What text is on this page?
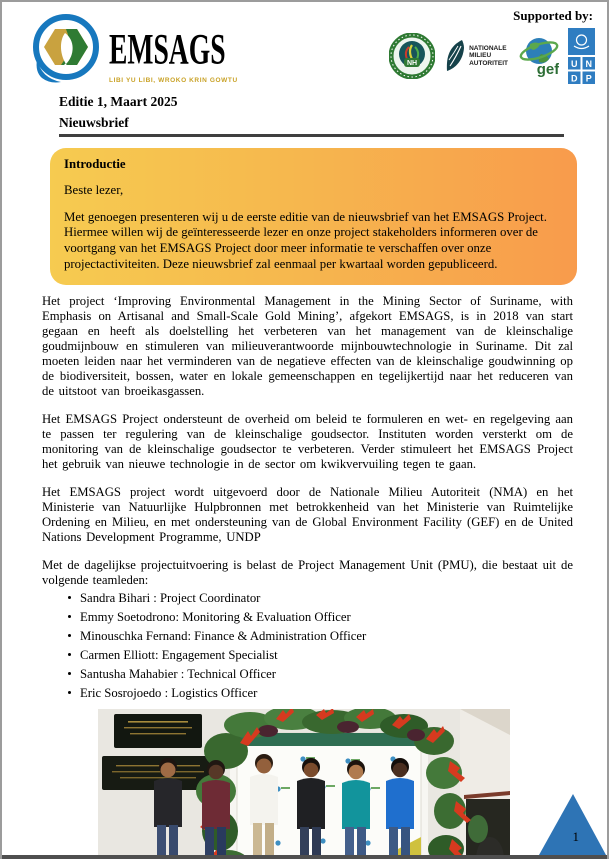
EMSAGS
LIBI YU LIBI, WROKO KRIN GOWTU
Supported by:
NH
NATIONALE
MILIEU
AUTORITEIT gef U N
D P
Editie 1, Maart 2025
Nieuwsbrief
Introductie
Beste lezer,
Met genoegen presenteren wij u de eerste editie van de nieuwsbrief van het EMSAGS Project. Hiermee willen wij de geïnteresseerde lezer en onze project stakeholders informeren over de voortgang van het EMSAGS Project door meer informatie te verschaffen over onze projectactiviteiten. Deze nieuwsbrief zal eenmaal per kwartaal worden gepubliceerd.

Het project ‘Improving Environmental Management in the Mining Sector of Suriname, with Emphasis on Artisanal and Small-Scale Gold Mining’, afgekort EMSAGS, is in 2018 van start gegaan en heeft als doelstelling het verbeteren van het management van de kleinschalige goudmijnbouw en stimuleren van milieuverantwoorde mijnbouwtechnologie in Suriname. Dit zal moeten leiden naar het verminderen van de negatieve effecten van de kleinschalige goudwinning op de biodiversiteit, bossen, water en lokale gemeenschappen en tegelijkertijd naar het reduceren van de uitstoot van broeikasgassen.

Het EMSAGS Project ondersteunt de overheid om beleid te formuleren en wet- en regelgeving aan te passen ter regulering van de kleinschalige goudsector. Instituten worden versterkt om de monitoring van de kleinschalige goudsector te verbeteren. Verder stimuleert het EMSAGS Project het gebruik van nieuwe technologie in de sector om kwikvervuiling tegen te gaan.

Het EMSAGS project wordt uitgevoerd door de Nationale Milieu Autoriteit (NMA) en het Ministerie van Natuurlijke Hulpbronnen met betrokkenheid van het Ministerie van Ruimtelijke Ordening en Milieu, en met ondersteuning van de Global Environment Facility (GEF) en de United Nations Development Programme, UNDP

Met de dagelijkse projectuitvoering is belast de Project Management Unit (PMU), die bestaat uit de volgende teamleden:

Sandra Bihari : Project Coordinator
Emmy Soetodrono: Monitoring & Evaluation Officer
Minouschka Fernand: Finance & Administration Officer
Carmen Elliott: Engagement Specialist
Santusha Mahabier : Technical Officer
Eric Sosrojoedo : Logistics Officer
1
